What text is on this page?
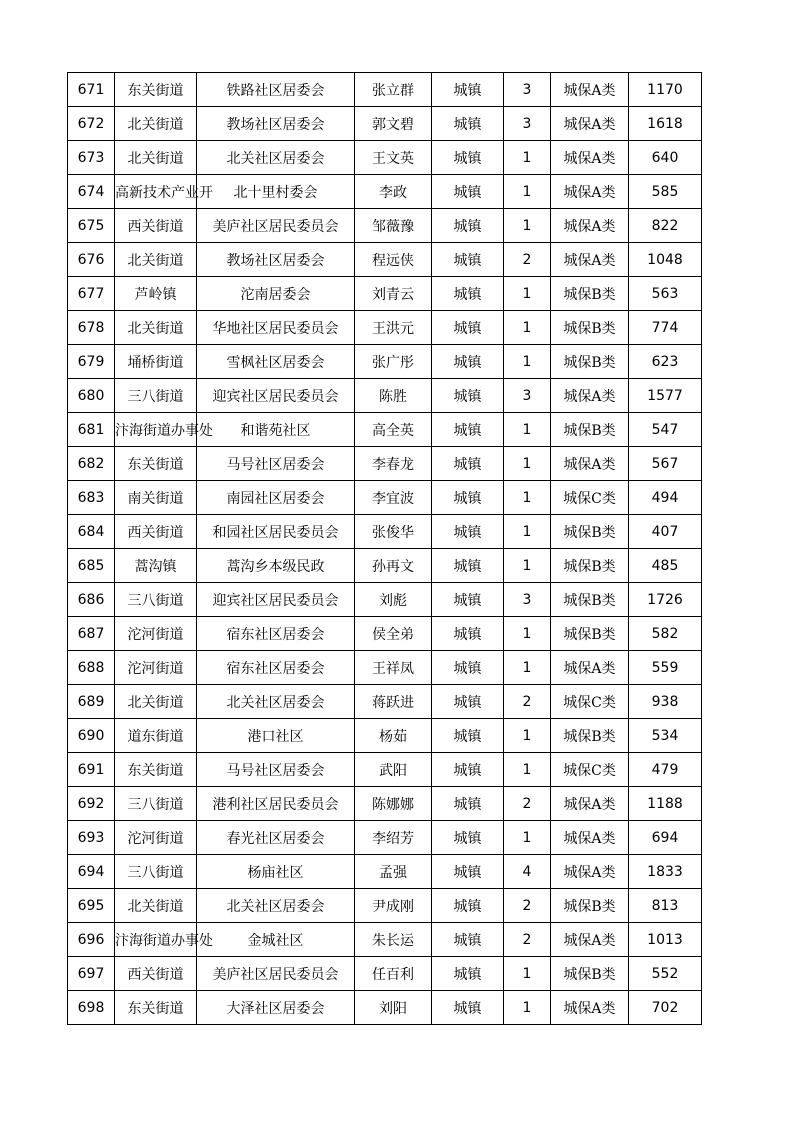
671	东关街道	铁路社区居委会	张立群	城镇	3	城保A类	1170
672	北关街道	教场社区居委会	郭文碧	城镇	3	城保A类	1618
673	北关街道	北关社区居委会	王文英	城镇	1	城保A类	640
674	高新技术产业开	北十里村委会	李政	城镇	1	城保A类	585
675	西关街道	美庐社区居民委员会	邹薇豫	城镇	1	城保A类	822
676	北关街道	教场社区居委会	程远侠	城镇	2	城保A类	1048
677	芦岭镇	沱南居委会	刘青云	城镇	1	城保B类	563
678	北关街道	华地社区居民委员会	王洪元	城镇	1	城保B类	774
679	埇桥街道	雪枫社区居委会	张广彤	城镇	1	城保B类	623
680	三八街道	迎宾社区居民委员会	陈胜	城镇	3	城保A类	1577
681	汴海街道办事处	和谐苑社区	高全英	城镇	1	城保B类	547
682	东关街道	马号社区居委会	李春龙	城镇	1	城保A类	567
683	南关街道	南园社区居委会	李宜波	城镇	1	城保C类	494
684	西关街道	和园社区居民委员会	张俊华	城镇	1	城保B类	407
685	蒿沟镇	蒿沟乡本级民政	孙再文	城镇	1	城保B类	485
686	三八街道	迎宾社区居民委员会	刘彪	城镇	3	城保B类	1726
687	沱河街道	宿东社区居委会	侯全弟	城镇	1	城保B类	582
688	沱河街道	宿东社区居委会	王祥凤	城镇	1	城保A类	559
689	北关街道	北关社区居委会	蒋跃进	城镇	2	城保C类	938
690	道东街道	港口社区	杨茹	城镇	1	城保B类	534
691	东关街道	马号社区居委会	武阳	城镇	1	城保C类	479
692	三八街道	港利社区居民委员会	陈娜娜	城镇	2	城保A类	1188
693	沱河街道	春光社区居委会	李绍芳	城镇	1	城保A类	694
694	三八街道	杨庙社区	孟强	城镇	4	城保A类	1833
695	北关街道	北关社区居委会	尹成刚	城镇	2	城保B类	813
696	汴海街道办事处	金城社区	朱长运	城镇	2	城保A类	1013
697	西关街道	美庐社区居民委员会	任百利	城镇	1	城保B类	552
698	东关街道	大泽社区居委会	刘阳	城镇	1	城保A类	702
